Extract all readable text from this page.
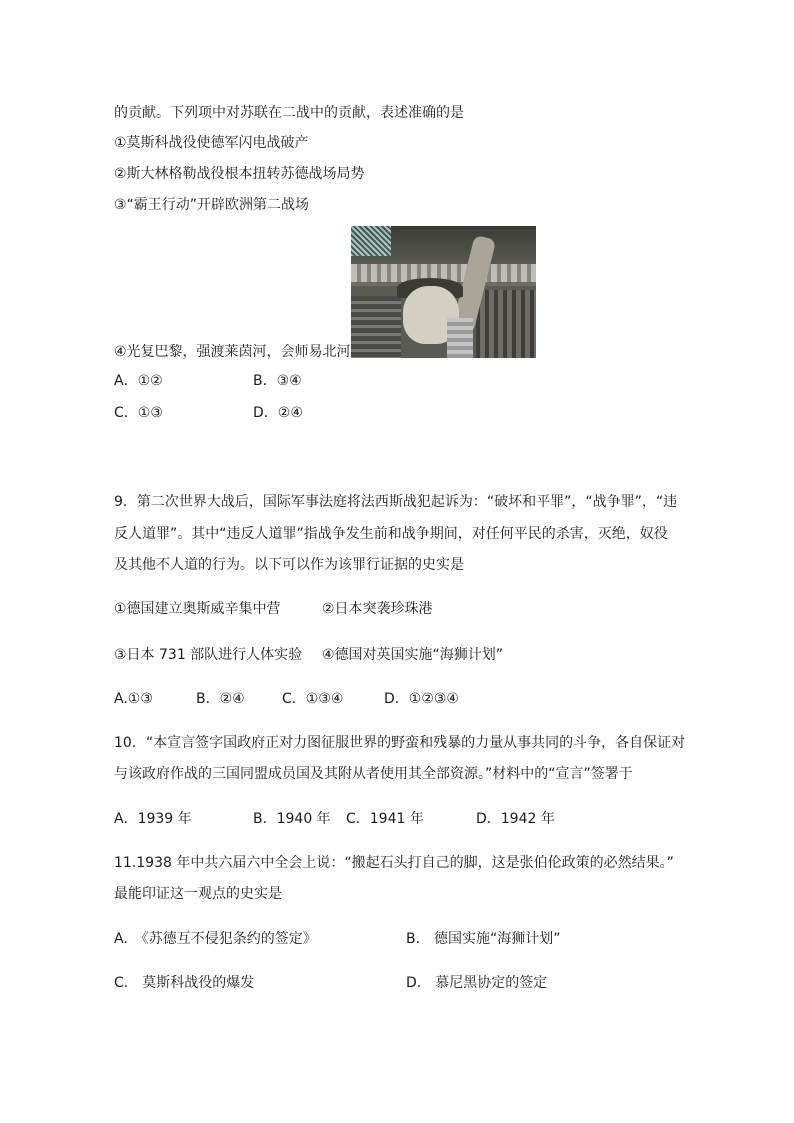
的贡献。下列项中对苏联在二战中的贡献，表述准确的是
①莫斯科战役使德军闪电战破产
②斯大林格勒战役根本扭转苏德战场局势
③“霸王行动”开辟欧洲第二战场
④光复巴黎，强渡莱茵河，会师易北河
A．①②	B．③④
C．①③	D．②④
9．第二次世界大战后，国际军事法庭将法西斯战犯起诉为：“破坏和平罪”，“战争罪”，“违
反人道罪”。其中“违反人道罪”指战争发生前和战争期间，对任何平民的杀害，灭绝，奴役
及其他不人道的行为。以下可以作为该罪行证据的史实是
①德国建立奥斯威辛集中营	②日本突袭珍珠港
③日本 731 部队进行人体实验 ④德国对英国实施“海狮计划”
A.①③	B．②④	C．①③④	D．①②③④
10．“本宣言签字国政府正对力图征服世界的野蛮和残暴的力量从事共同的斗争，各自保证对
与该政府作战的三国同盟成员国及其附从者使用其全部资源。”材料中的“宣言”签署于
A．1939 年	B．1940 年 C．1941 年	D．1942 年
11.1938 年中共六届六中全会上说：“搬起石头打自己的脚，这是张伯伦政策的必然结果。”
最能印证这一观点的史实是
A.　《苏德互不侵犯条约的签定》	B.　德国实施“海狮计划”
C.　莫斯科战役的爆发	D.　慕尼黑协定的签定
